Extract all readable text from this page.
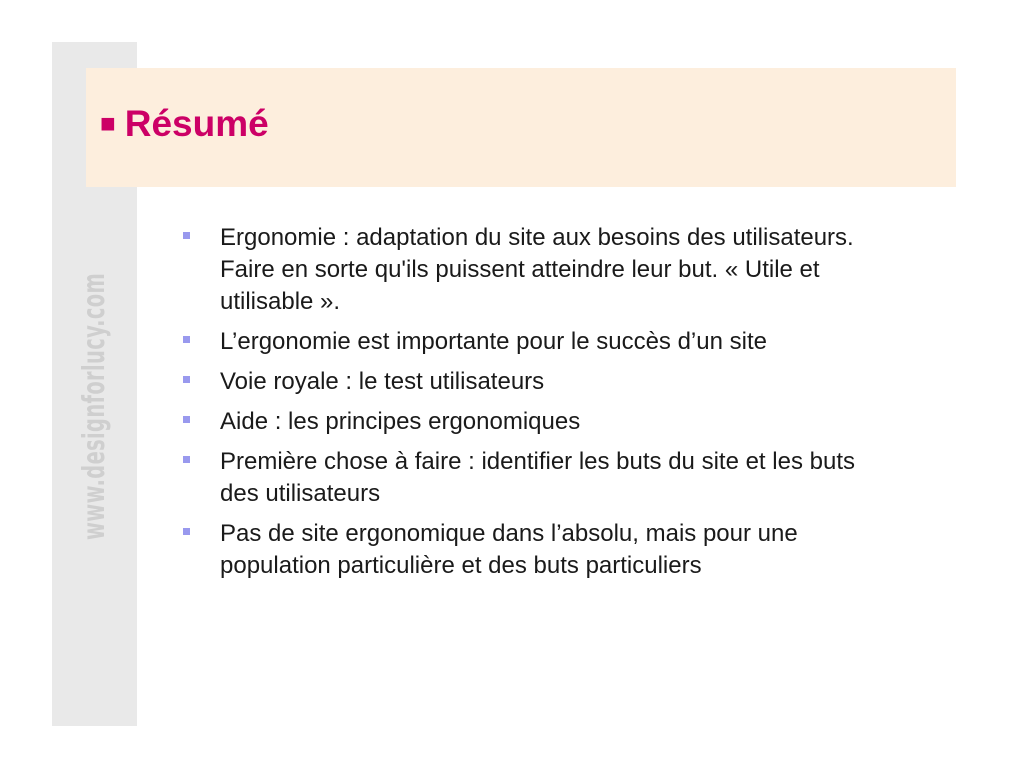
www.designforlucy.com
■ Résumé
Ergonomie : adaptation du site aux besoins des utilisateurs. Faire en sorte qu'ils puissent atteindre leur but. « Utile et utilisable ».
L’ergonomie est importante pour le succès d’un site
Voie royale : le test utilisateurs
Aide : les principes ergonomiques
Première chose à faire : identifier les buts du site et les buts des utilisateurs
Pas de site ergonomique dans l’absolu, mais pour une population particulière et des buts particuliers
